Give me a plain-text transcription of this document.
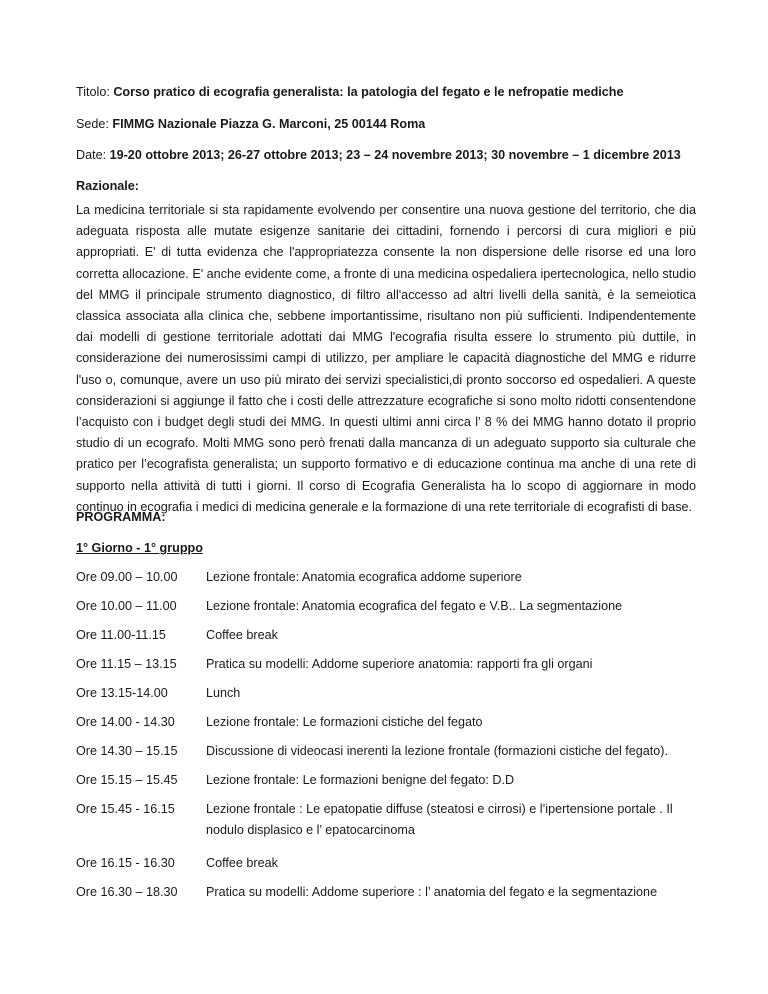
Titolo: Corso pratico di ecografia generalista: la patologia del fegato e le nefropatie mediche
Sede: FIMMG Nazionale Piazza G. Marconi, 25 00144 Roma
Date: 19-20 ottobre 2013; 26-27 ottobre 2013; 23 – 24 novembre 2013; 30 novembre – 1 dicembre 2013
Razionale:
La medicina territoriale si sta rapidamente evolvendo per consentire una nuova gestione del territorio, che dia adeguata risposta alle mutate esigenze sanitarie dei cittadini, fornendo i percorsi di cura migliori e più appropriati. E' di tutta evidenza che l'appropriatezza consente la non dispersione delle risorse ed una loro corretta allocazione. E' anche evidente come, a fronte di una medicina ospedaliera ipertecnologica, nello studio del MMG il principale strumento diagnostico, di filtro all'accesso ad altri livelli della sanità, è la semeiotica classica associata alla clinica che, sebbene importantissime, risultano non più sufficienti. Indipendentemente dai modelli di gestione territoriale adottati dai MMG l'ecografia risulta essere lo strumento più duttile, in considerazione dei numerosissimi campi di utilizzo, per ampliare le capacità diagnostiche del MMG e ridurre l'uso o, comunque, avere un uso più mirato dei servizi specialistici,di pronto soccorso ed ospedalieri. A queste considerazioni si aggiunge il fatto che i costi delle attrezzature ecografiche si sono molto ridotti consentendone l’acquisto con i budget degli studi dei MMG. In questi ultimi anni circa l’ 8 % dei MMG hanno dotato il proprio studio di un ecografo. Molti MMG sono però frenati dalla mancanza di un adeguato supporto sia culturale che pratico per l’ecografista generalista; un supporto formativo e di educazione continua ma anche di una rete di supporto nella attività di tutti i giorni. Il corso di Ecografia Generalista ha lo scopo di aggiornare in modo continuo in ecografia i medici di medicina generale e la formazione di una rete territoriale di ecografisti di base.
PROGRAMMA:
1° Giorno - 1° gruppo
Ore 09.00 – 10.00 Lezione frontale: Anatomia ecografica addome superiore
Ore 10.00 – 11.00 Lezione frontale: Anatomia ecografica del fegato e V.B.. La segmentazione
Ore 11.00-11.15	Coffee break
Ore 11.15 – 13.15 Pratica su modelli: Addome superiore anatomia: rapporti fra gli organi
Ore 13.15-14.00	Lunch
Ore 14.00 - 14.30 Lezione frontale: Le formazioni cistiche del fegato
Ore 14.30 – 15.15 Discussione di videocasi inerenti la lezione frontale (formazioni cistiche del fegato).
Ore 15.15 – 15.45 Lezione frontale: Le formazioni benigne del fegato: D.D
Ore 15.45 - 16.15 Lezione frontale : Le epatopatie diffuse (steatosi e cirrosi) e l’ipertensione portale . Il nodulo displasico e l’ epatocarcinoma
Ore 16.15 - 16.30 Coffee break
Ore 16.30 – 18.30 Pratica su modelli: Addome superiore : l’ anatomia del fegato e la segmentazione
